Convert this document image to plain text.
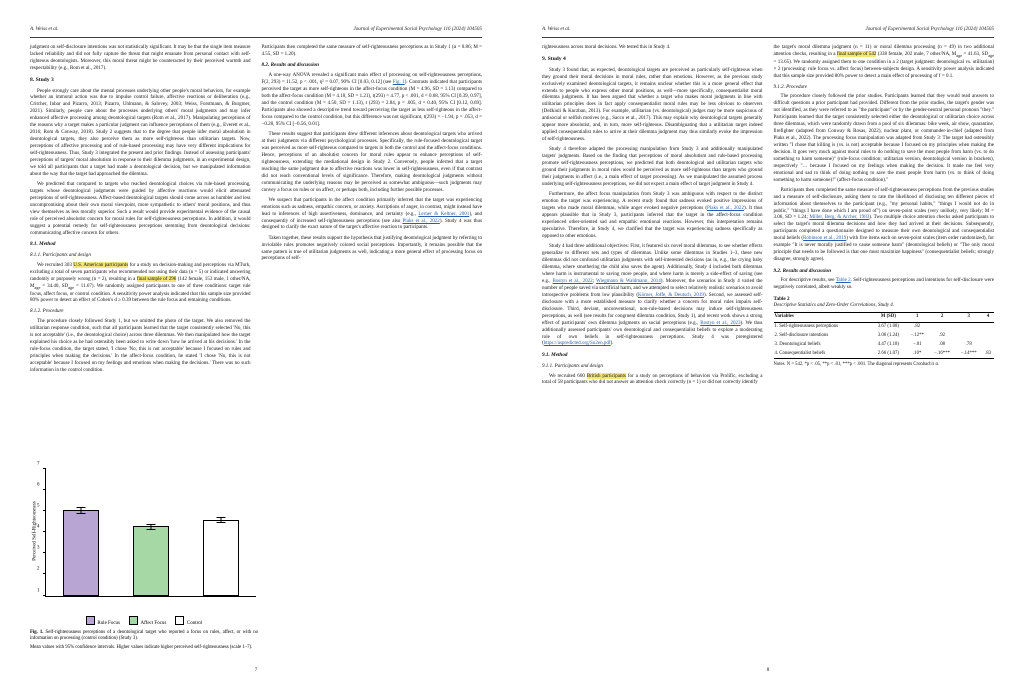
A. Weiss et al.	Journal of Experimental Social Psychology 116 (2024) 104505

judgment on self-disclosure intentions was not statistically significant. It may be that the single item measure lacked reliability and did not fully capture the threat that might emanate from personal contact with self-righteous deontologists. Moreover, this moral threat might be counteracted by their perceived warmth and respectability (e.g., Rom et al., 2017).

8. Study 3

People strongly care about the mental processes underlying other people's moral behaviors, for example whether an immoral action was due to impulse control failure, affective reactions or deliberation (e.g., Critcher, Inbar and Pizarro, 2013; Pizarro, Uhlmann, & Salovey, 2003; Weiss, Forstmann, & Burgmer, 2021). Similarly, people care about the processes underlying others' moral judgments and may infer enhanced affective processing among deontological targets (Rom et al., 2017). Manipulating perceptions of the reasons why a target makes a particular judgment can influence perceptions of them (e.g., Everett et al., 2016; Rom & Conway, 2018). Study 2 suggests that to the degree that people infer moral absolutism in deontological targets, they also perceive them as more self-righteous than utilitarian targets. Now, perceptions of affective processing and of rule-based processing may have very different implications for self-righteousness. Thus, Study 3 integrated the present and prior findings. Instead of assessing participants' perceptions of targets' moral absolutism in response to their dilemma judgments, in an experimental design, we told all participants that a target had made a deontological decision, but we manipulated information about the way that the target had approached the dilemma.

We predicted that compared to targets who reached deontological choices via rule-based processing, targets whose deontological judgments were guided by affective reactions would elicit attenuated perceptions of self-righteousness. Affect-based deontological targets should come across as humbler and less uncompromising about their own moral viewpoint, more sympathetic to others' moral positions, and thus view themselves as less morally superior. Such a result would provide experimental evidence of the causal role of perceived absolutist concern for moral rules for self-righteousness perceptions. In addition, it would suggest a potential remedy for self-righteousness perceptions stemming from deontological decisions: communicating affective concern for others.

8.1. Method
8.1.1. Participants and design

We recruited 303 U.S. American participants for a study on decision-making and perceptions via MTurk, excluding a total of seven participants who recommended not using their data (n = 5) or indicated answering randomly or purposely wrong (n = 2), resulting in a final sample of 296 (142 female, 153 male, 1 other/NA, $M_{age} = 34.40$, $SD_{age} = 11.67$). We randomly assigned participants to one of three conditions: target rule focus, affect focus, or control condition. A sensitivity power analysis indicated that this sample size provided 80% power to detect an effect of Cohen's d ≥ 0.39 between the rule focus and remaining conditions.

8.1.2. Procedure

The procedure closely followed Study 1, but we omitted the photo of the target. We also removed the utilitarian response condition, such that all participants learned that the target consistently selected 'No, this is not acceptable' (i.e., the deontological choice) across three dilemmas. We then manipulated how the target explained his choice as he had ostensibly been asked to write down 'how he arrived at his decisions.' In the rule-focus condition, the target stated, 'I chose 'No, this is not acceptable' because I focused on rules and principles when making the decisions.' In the affect-focus condition, he stated 'I chose 'No, this is not acceptable' because I focused on my feelings and emotions when making the decisions.' There was no such information in the control condition.

Participants then completed the same measure of self-righteousness perceptions as in Study 1 (α = 0.86; M = 4.55, SD = 1.20).

8.2. Results and discussion

A one-way ANOVA revealed a significant main effect of processing on self-righteousness perceptions, F(2, 293) = 11.52, p < .001, η² = 0.07, 90% CI [0.03, 0.12] (see Fig. 1). Contrasts indicated that participants perceived the target as more self-righteous in the affect-focus condition (M = 4.96, SD = 1.13) compared to both the affect-focus condition (M = 4.18, SD = 1.21), t(293) = 4.77, p < .001, d = 0.68, 95% CI [0.39, 0.97], and the control condition (M = 4.50, SD = 1.13), t (293) = 2.84, p = .005, d = 0.40, 95% CI [0.12, 0.69]. Participants also showed a descriptive trend toward perceiving the target as less self-righteous in the affect-focus compared to the control condition, but this difference was not significant, t(293) = −1.94, p = .053, d = −0.28, 95% CI [−0.56, 0.01].

These results suggest that participants drew different inferences about deontological targets who arrived at their judgments via different psychological processes. Specifically, the rule-focused deontological target was perceived as more self-righteous compared to targets in both the control and the affect-focus conditions. Hence, perceptions of an absolutist concern for moral rules appear to enhance perceptions of self-righteousness, extending the mediational design in Study 2. Conversely, people inferred that a target reaching the same judgment due to affective reactions was lower in self-righteousness, even if that contrast did not reach conventional levels of significance. Therefore, making deontological judgments without communicating the underlying reasons may be perceived as somewhat ambiguous—such judgments may convey a focus on rules or on affect, or perhaps both, including further possible processes.

We suspect that participants in the affect condition primarily inferred that the target was experiencing emotions such as sadness, empathic concern, or anxiety. Ascriptions of anger, in contrast, might instead have lead to inferences of high assertiveness, dominance, and certainty (e.g., Lerner & Keltner, 2001), and consequently of increased self-righteousness perceptions (see also Plaks et al., 2022). Study 4 was thus designed to clarify the exact nature of the target's affective reaction to participants.

Taken together, these results support the hypothesis that justifying deontological judgment by referring to inviolable rules promotes negatively colored social perceptions. Importantly, it remains possible that the same pattern is true of utilitarian judgments as well, indicating a more general effect of processing focus on perceptions of self-

Perceived Self-Righteousness
1
2
3
4
5
6
7
Rule Focus	Affect Focus	Control
Fig. 1. Self-righteousness perceptions of a deontological target who reported a focus on rules, affect, or with no information on processing (control condition) (Study 3).
Mean values with 95% confidence intervals. Higher values indicate higher perceived self-righteousness (scale 1–7).
7
A. Weiss et al.	Journal of Experimental Social Psychology 116 (2024) 104505

righteousness across moral decisions. We tested this in Study 4.

9. Study 4

Study 3 found that, as expected, deontological targets are perceived as particularly self-righteous when they ground their moral decisions in moral rules, rather than emotions. However, as the previous study exclusively examined deontological targets, it remains unclear whether this is a more general effect that extends to people who express other moral positions, as well—more specifically, consequentialist moral dilemma judgments. It has been argued that whether a target who makes moral judgments in line with utilitarian principles does in fact apply consequentialist moral rules may be less obvious to observers (Dežkiuli & Kurzban, 2013). For example, utilitarian (vs. deontological) judges may be more suspicious of antisocial or selfish motives (e.g., Sacco et al., 2017). This may explain why deontological targets generally appear more absolutist, and, in turn, more self-righteous. Disambiguating that a utilitarian target indeed applied consequentialist rules to arrive at their dilemma judgment may thus similarly evoke the impression of self-righteousness.

Study 4 therefore adapted the processing manipulation from Study 3 and additionally manipulated targets' judgments. Based on the finding that perceptions of moral absolutism and rule-based processing promote self-righteousness perceptions, we predicted that both deontological and utilitarian targets who ground their judgments in moral rules would be perceived as more self-righteous than targets who ground their judgments in affect (i.e., a main effect of target processing). As we manipulated the assumed process underlying self-righteousness perceptions, we did not expect a main effect of target judgment in Study 4.

Furthermore, the affect focus manipulation from Study 3 was ambiguous with respect to the distinct emotion the target was experiencing. A recent study found that sadness evoked positive impressions of targets who made moral dilemmas, while anger evoked negative perceptions (Plaks et al., 2022). It thus appears plausible that in Study 3, participants inferred that the target in the affect-focus condition experienced other-oriented sad and empathic emotional reactions. However, this interpretation remains speculative. Therefore, in Study 4, we clarified that the target was experiencing sadness specifically as opposed to other emotions.

Study 4 had three additional objectives: First, it featured six novel moral dilemmas, to see whether effects generalize to different sets and types of dilemmas. Unlike some dilemmas in Studies 1–3, these new dilemmas did not confound utilitarian judgments with self-interested decisions (as in, e.g., the crying baby dilemma, where smothering the child also saves the agent). Additionally, Study 4 included both dilemmas where harm is instrumental to saving more people, and where harm is merely a side-effect of saving (see e.g., Bostyn et al., 2022; Wiegmann & Waldmann, 2014). Moreover, the scenarios in Study 4 varied the number of people saved via sacrificial harm, and we attempted to select relatively realistic scenarios to avoid introspective problems from low plausibility (Körner, Joffe, & Deutsch, 2019). Second, we assessed self-disclosure with a more established measure to clarify whether a concern for moral rules impairs self-disclosure. Third, deviant, unconventional, non-rule-based decisions may induce self-righteousness perceptions, as well (see results for congruent dilemma condition, Study 1), and recent work shows a strong effect of participants' own dilemma judgments on social perceptions (e.g., Bostyn et al., 2023). We thus additionally assessed participants' own deontological and consequentialist beliefs to explore a moderating role of own beliefs in self-righteousness perceptions. Study 4 was preregistered (https://aspredicted.org/Su2en.pdf).

9.1. Method
9.1.1. Participants and design

We recruited 600 British participants for a study on perceptions of behaviors via Prolific, excluding a total of 58 participants who did not answer an attention check correctly (n = 1) or did not correctly identify

the target's moral dilemma judgment (n = 11) or moral dilemma processing (n = 49) in two additional attention checks, resulting in a final sample of 542 (338 female, 202 male, 7 other/NA, $M_{age} = 41.63$, $SD_{age} = 13.65$). We randomly assigned them to one condition in a 2 (target judgment: deontological vs. utilitarian) × 2 (processing: rule focus vs. affect focus) between-subjects design. A sensitivity power analysis indicated that this sample size provided 80% power to detect a main effect of processing of f = 0.1.

9.1.2. Procedure

The procedure closely followed the prior studies. Participants learned that they would read answers to difficult questions a prior participant had provided. Different from the prior studies, the target's gender was not identified, as they were referred to as "the participant" or by the gender-neutral personal pronoun "they." Participants learned that the target consistently selected either the deontological or utilitarian choice across three dilemmas, which were randomly drawn from a pool of six dilemmas: bike week, air show, quarantine, firefighter (adapted from Conway & Rosas, 2022), nuclear plant, or commander-in-chief (adapted from Plaks et al., 2022). The processing focus manipulation was adapted from Study 3: The target had ostensibly written "I chose that killing is (vs. is not) acceptable because I focused on my principles when making the decision. It goes very much against moral rules to do nothing to save the most people from harm (vs. to do something to harm someone)" (rule-focus condition; utilitarian version, deontological version in brackets), respectively "… because I focused on my feelings when making the decision. It made me feel very emotional and sad to think of doing nothing to save the most people from harm (vs. to think of doing something to harm someone)!" (affect-focus condition)."

Participants then completed the same measure of self-righteousness perceptions from the previous studies and a measure of self-disclosure, asking them to rate the likelihood of disclosing ten different pieces of information about themselves to the participant (e.g., "my personal habits," "things I would not do in public," "things I have done which I am proud of") on seven-point scales (very unlikely, very likely; M = 3.06, SD = 1.24; Miller, Berg, & Archer, 1983). Two multiple choice attention checks asked participants to select the target's moral dilemma decisions and how they had arrived at their decisions. Subsequently, participants completed a questionnaire designed to measure their own deontological and consequentialist moral beliefs (Robinson et al., 2019) with five items each on seven-point scales (item order randomized), for example "It is never morally justified to cause someone harm" (deontological beliefs) or "The only moral principle that needs to be followed is that one must maximize happiness" (consequentialist beliefs; strongly disagree, strongly agree).

9.2. Results and discussion

For descriptive results, see Table 2. Self-righteousness perceptions and intentions for self-disclosure were negatively correlated, albeit weakly so.

Table 2
Descriptive Statistics and Zero-Order Correlations, Study 4.
Variables	M (SD)	1	2	3	4
1. Self-righteousness perceptions	3.67 (1.08)	.82			
2. Self-disclosure intentions	3.06 (1.24)	−.12**	.92		
3. Deontological beliefs	4.47 (1.18)	−.01	.08	.78	
4. Consequentialist beliefs	2.66 (1.07)	.10*	−.16***	−.14***	.83
Notes. N = 542. *p < .05, **p < .01, ***p < .001. The diagonal represents Cronbach's α.
8
